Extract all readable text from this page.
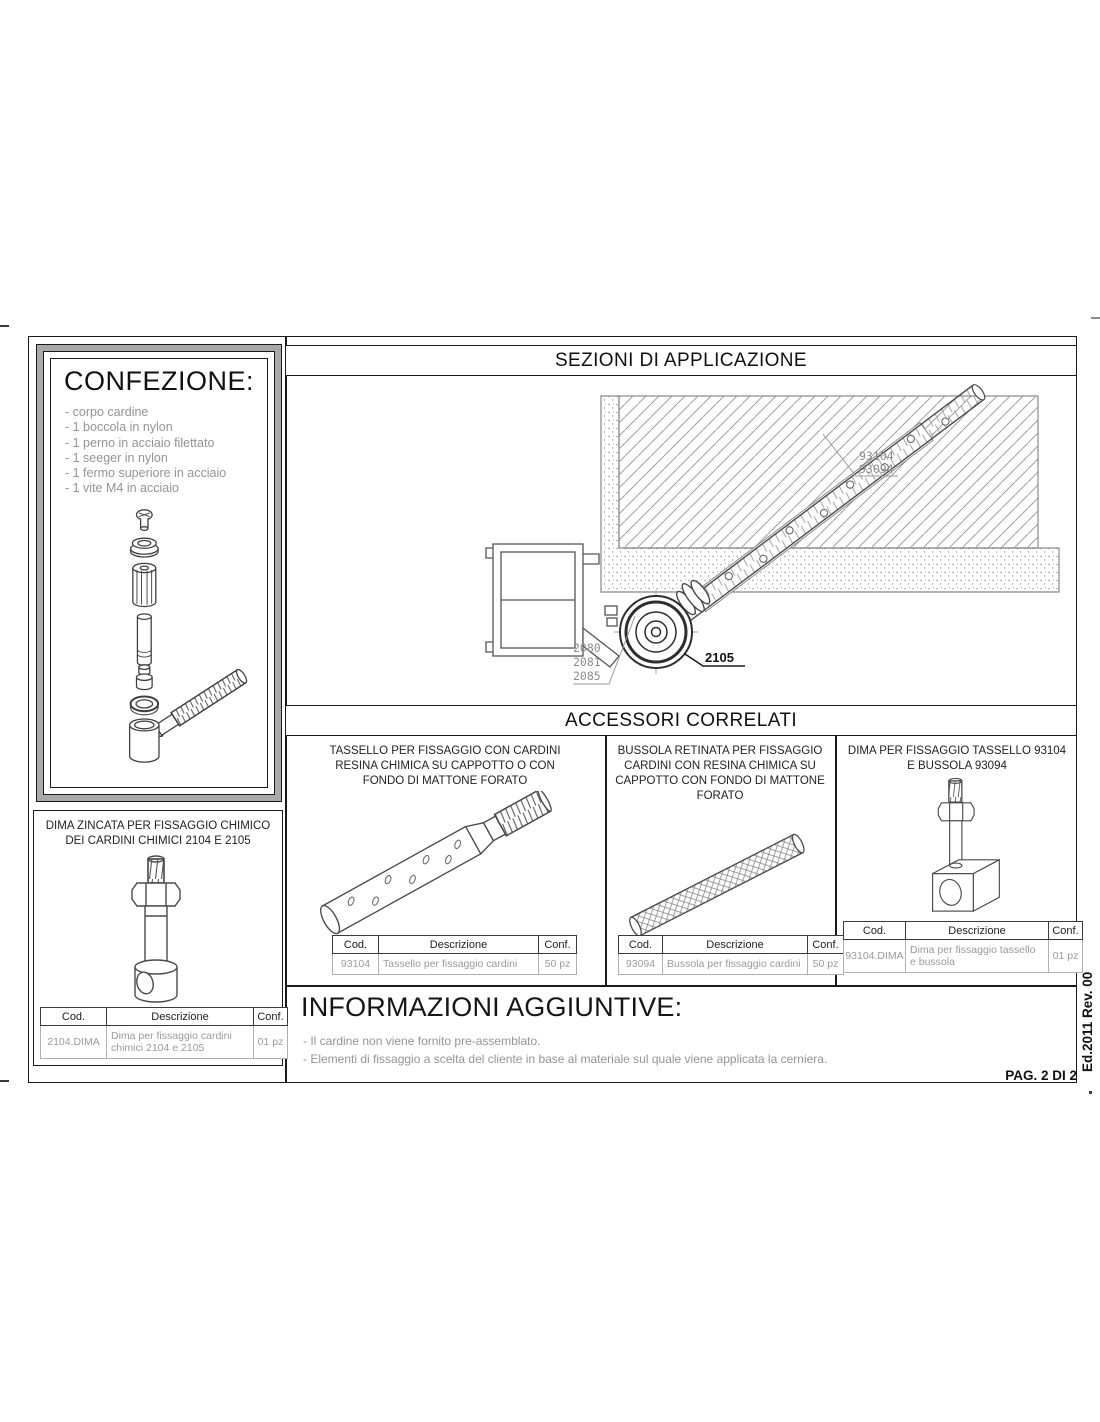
CONFEZIONE:
- corpo cardine
- 1 boccola in nylon
- 1 perno in acciaio filettato
- 1 seeger in nylon
- 1 fermo superiore in acciaio
- 1 vite M4 in acciaio
SEZIONI DI APPLICAZIONE
93104
93094
2080
2081
2085
2105
ACCESSORI CORRELATI
TASSELLO PER FISSAGGIO CON CARDINI RESINA CHIMICA SU CAPPOTTO O CON FONDO DI MATTONE FORATO
Cod.	Descrizione	Conf.
93104	Tassello per fissaggio cardini	50 pz
BUSSOLA RETINATA PER FISSAGGIO CARDINI CON RESINA CHIMICA SU CAPPOTTO CON FONDO DI MATTONE FORATO
Cod.	Descrizione	Conf.
93094	Bussola per fissaggio cardini	50 pz
DIMA PER FISSAGGIO TASSELLO 93104 E BUSSOLA 93094
Cod.	Descrizione	Conf.
93104.DIMA	Dima per fissaggio tassello e bussola	01 pz
DIMA ZINCATA PER FISSAGGIO CHIMICO DEI CARDINI CHIMICI 2104 E 2105
Cod.	Descrizione	Conf.
2104.DIMA	Dima per fissaggio cardini chimici 2104 e 2105	01 pz
INFORMAZIONI AGGIUNTIVE:
- Il cardine non viene fornito pre-assemblato.
- Elementi di fissaggio a scelta del cliente in base al materiale sul quale viene applicata la cerniera.	Ed.2011 Rev. 00
PAG. 2 DI 2
